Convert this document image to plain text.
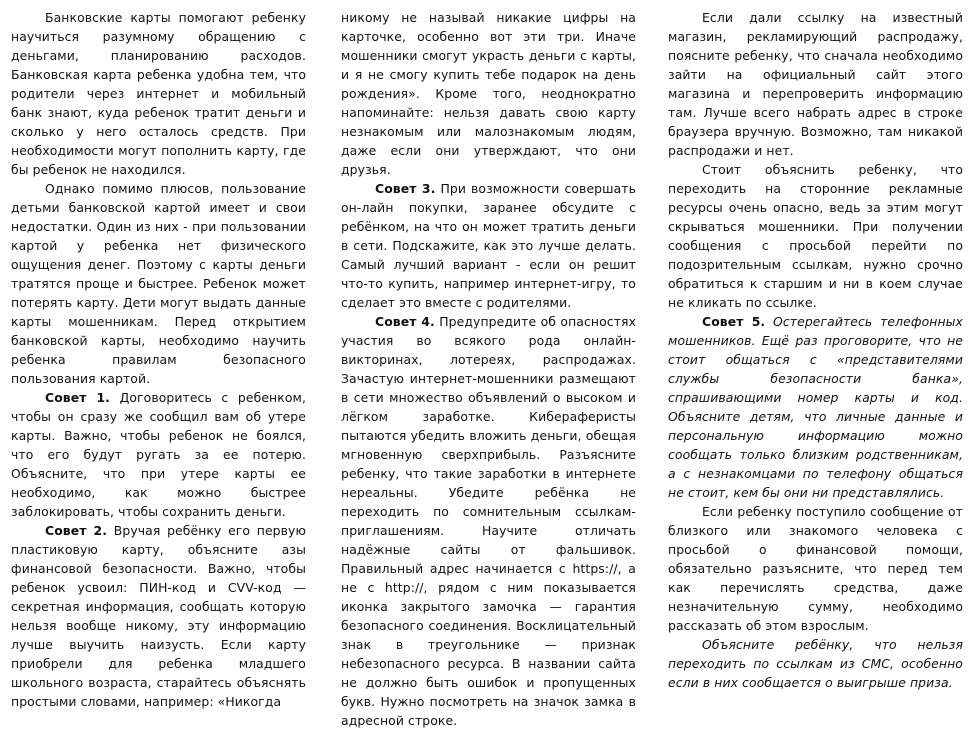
Банковские карты помогают ребенку научиться разумному обращению с деньгами, планированию расходов. Банковская карта ребенка удобна тем, что родители через интернет и мобильный банк знают, куда ребенок тратит деньги и сколько у него осталось средств. При необходимости могут пополнить карту, где бы ребенок не находился.

Однако помимо плюсов, пользование детьми банковской картой имеет и свои недостатки. Один из них - при пользовании картой у ребенка нет физического ощущения денег. Поэтому с карты деньги тратятся проще и быстрее. Ребенок может потерять карту. Дети могут выдать данные карты мошенникам. Перед открытием банковской карты, необходимо научить ребенка правилам безопасного пользования картой.

Совет 1. Договоритесь с ребенком, чтобы он сразу же сообщил вам об утере карты. Важно, чтобы ребенок не боялся, что его будут ругать за ее потерю. Объясните, что при утере карты ее необходимо, как можно быстрее заблокировать, чтобы сохранить деньги.

Совет 2. Вручая ребёнку его первую пластиковую карту, объясните азы финансовой безопасности. Важно, чтобы ребенок усвоил: ПИН-код и CVV-код — секретная информация, сообщать которую нельзя вообще никому, эту информацию лучше выучить наизусть. Если карту приобрели для ребенка младшего школьного возраста, старайтесь объяснять простыми словами, например: «Никогда

никому не называй никакие цифры на карточке, особенно вот эти три. Иначе мошенники смогут украсть деньги с карты, и я не смогу купить тебе подарок на день рождения». Кроме того, неоднократно напоминайте: нельзя давать свою карту незнакомым или малознакомым людям, даже если они утверждают, что они друзья.

Совет 3. При возможности совершать он-лайн покупки, заранее обсудите с ребёнком, на что он может тратить деньги в сети. Подскажите, как это лучше делать. Самый лучший вариант - если он решит что-то купить, например интернет-игру, то сделает это вместе с родителями.

Совет 4. Предупредите об опасностях участия во всякого рода онлайн-викторинах, лотереях, распродажах. Зачастую интернет-мошенники размещают в сети множество объявлений о высоком и лёгком заработке. Киберaферисты пытаются убедить вложить деньги, обещая мгновенную сверхприбыль. Разъясните ребенку, что такие заработки в интернете нереальны. Убедите ребёнка не переходить по сомнительным ссылкам-приглашениям. Научите отличать надёжные сайты от фальшивок. Правильный адрес начинается с https://, а не с http://, рядом с ним показывается иконка закрытого замочка — гарантия безопасного соединения. Восклицательный знак в треугольнике — признак небезопасного ресурса. В названии сайта не должно быть ошибок и пропущенных букв. Нужно посмотреть на значок замка в адресной строке.

Если дали ссылку на известный магазин, рекламирующий распродажу, поясните ребенку, что сначала необходимо зайти на официальный сайт этого магазина и перепроверить информацию там. Лучше всего набрать адрес в строке браузера вручную. Возможно, там никакой распродажи и нет.

Стоит объяснить ребенку, что переходить на сторонние рекламные ресурсы очень опасно, ведь за этим могут скрываться мошенники. При получении сообщения с просьбой перейти по подозрительным ссылкам, нужно срочно обратиться к старшим и ни в коем случае не кликать по ссылке.

Совет 5. Остерегайтесь телефонных мошенников. Ещё раз проговорите, что не стоит общаться с «представителями службы безопасности банка», спрашивающими номер карты и код. Объясните детям, что личные данные и персональную информацию можно сообщать только близким родственникам, а с незнакомцами по телефону общаться не стоит, кем бы они ни представлялись.

Если ребенку поступило сообщение от близкого или знакомого человека с просьбой о финансовой помощи, обязательно разъясните, что перед тем как перечислять средства, даже незначительную сумму, необходимо рассказать об этом взрослым.

Объясните ребёнку, что нельзя переходить по ссылкам из СМС, особенно если в них сообщается о выигрыше приза.
